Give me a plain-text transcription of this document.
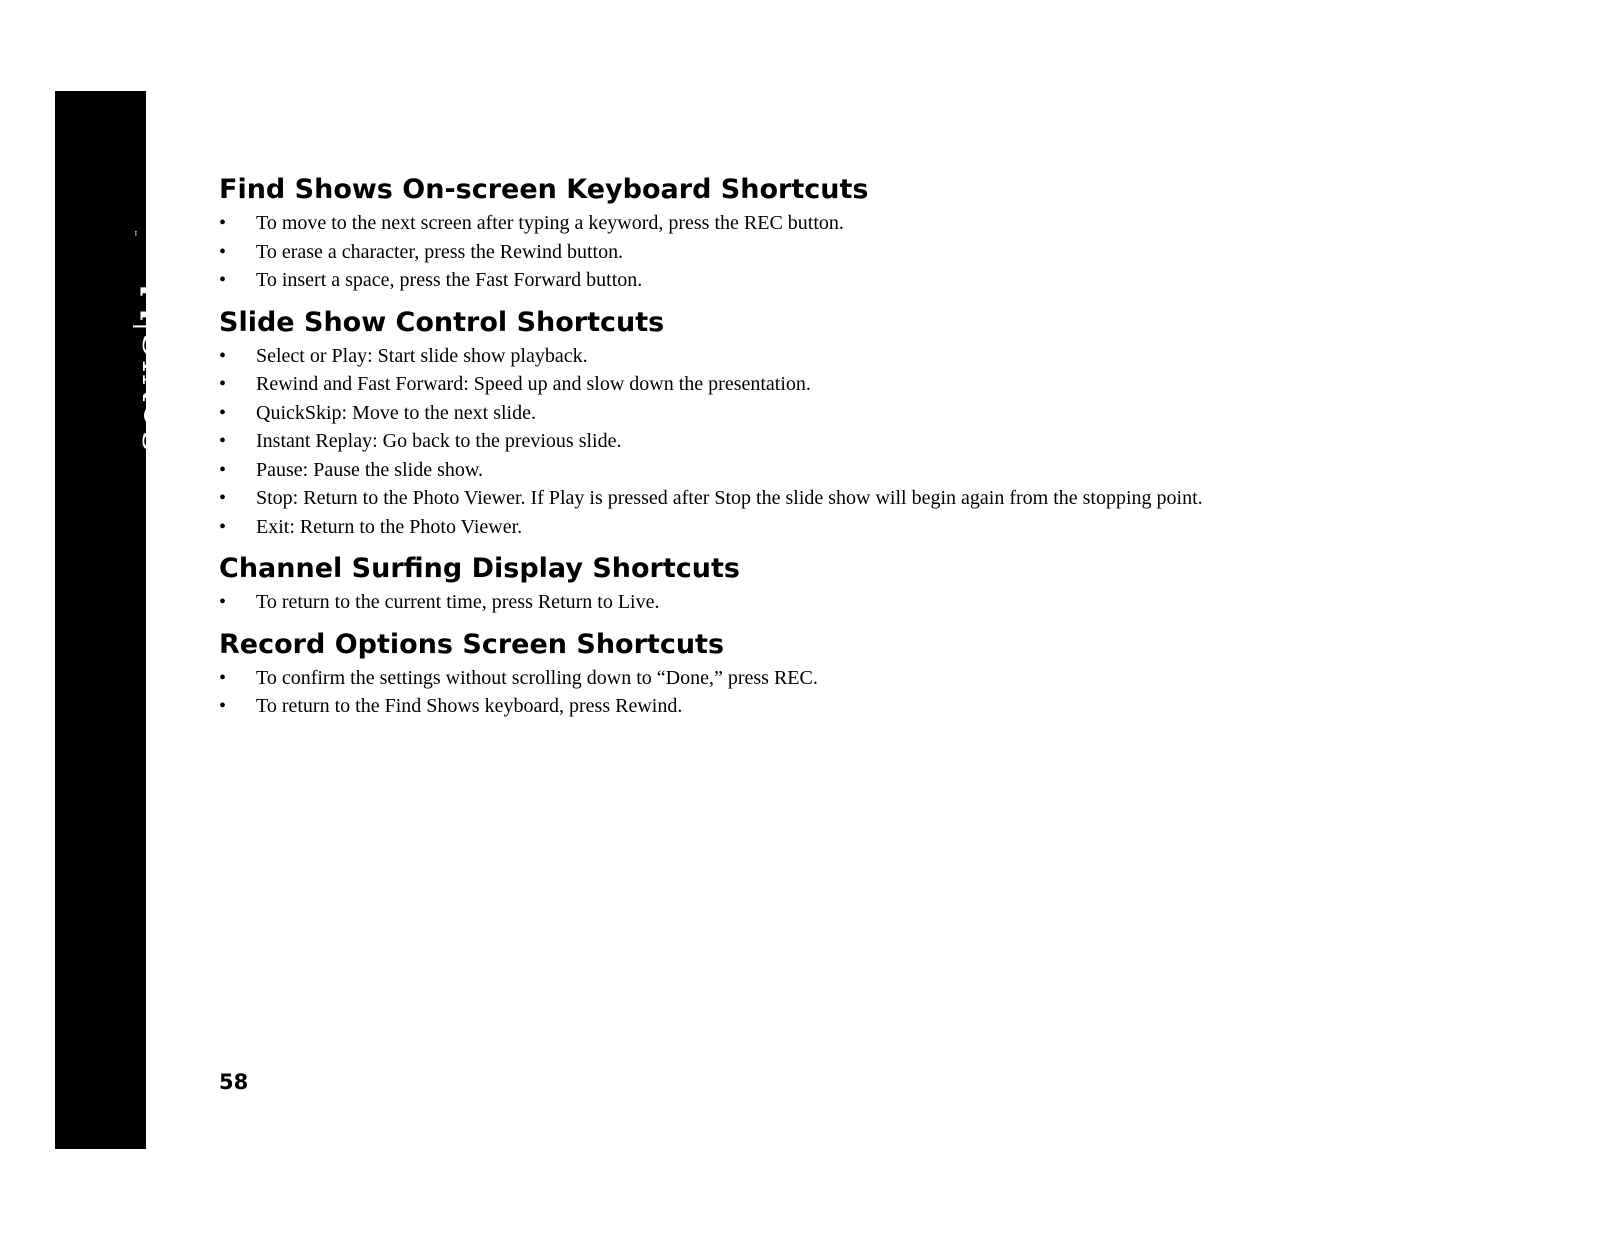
S
NIC
blue
™
Find Shows On-screen Keyboard Shortcuts
• To move to the next screen after typing a keyword, press the REC button.
• To erase a character, press the Rewind button.
• To insert a space, press the Fast Forward button.
Slide Show Control Shortcuts
• Select or Play: Start slide show playback.
• Rewind and Fast Forward: Speed up and slow down the presentation.
• QuickSkip: Move to the next slide.
• Instant Replay: Go back to the previous slide.
• Pause: Pause the slide show.
• Stop: Return to the Photo Viewer. If Play is pressed after Stop the slide show will begin again from the stopping point.
• Exit: Return to the Photo Viewer.
Channel Surfing Display Shortcuts
• To return to the current time, press Return to Live.
Record Options Screen Shortcuts
• To confirm the settings without scrolling down to “Done,” press REC.
• To return to the Find Shows keyboard, press Rewind.
58
